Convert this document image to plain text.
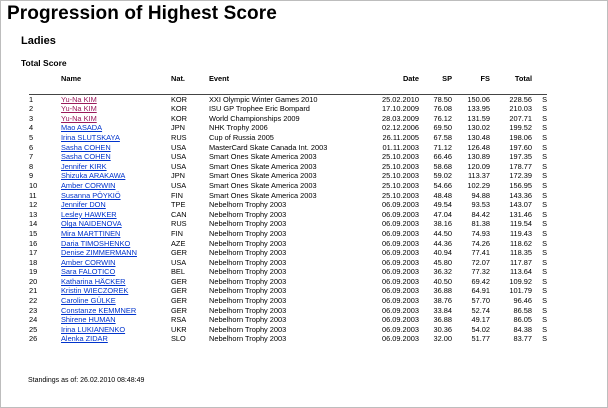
Progression of Highest Score
Ladies
Total Score
	Name	Nat.	Event	Date	SP	FS	Total	

1	Yu-Na KIM	KOR	XXI Olympic Winter Games 2010	25.02.2010	78.50	150.06	228.56	S
2	Yu-Na KIM	KOR	ISU GP Trophee Eric Bompard	17.10.2009	76.08	133.95	210.03	S
3	Yu-Na KIM	KOR	World Championships 2009	28.03.2009	76.12	131.59	207.71	S
4	Mao ASADA	JPN	NHK Trophy 2006	02.12.2006	69.50	130.02	199.52	S
5	Irina SLUTSKAYA	RUS	Cup of Russia 2005	26.11.2005	67.58	130.48	198.06	S
6	Sasha COHEN	USA	MasterCard Skate Canada Int. 2003	01.11.2003	71.12	126.48	197.60	S
7	Sasha COHEN	USA	Smart Ones Skate America 2003	25.10.2003	66.46	130.89	197.35	S
8	Jennifer KIRK	USA	Smart Ones Skate America 2003	25.10.2003	58.68	120.09	178.77	S
9	Shizuka ARAKAWA	JPN	Smart Ones Skate America 2003	25.10.2003	59.02	113.37	172.39	S
10	Amber CORWIN	USA	Smart Ones Skate America 2003	25.10.2003	54.66	102.29	156.95	S
11	Susanna PÖYKIÖ	FIN	Smart Ones Skate America 2003	25.10.2003	48.48	94.88	143.36	S
12	Jennifer DON	TPE	Nebelhorn Trophy 2003	06.09.2003	49.54	93.53	143.07	S
13	Lesley HAWKER	CAN	Nebelhorn Trophy 2003	06.09.2003	47.04	84.42	131.46	S
14	Olga NAIDENOVA	RUS	Nebelhorn Trophy 2003	06.09.2003	38.16	81.38	119.54	S
15	Mira MARTTINEN	FIN	Nebelhorn Trophy 2003	06.09.2003	44.50	74.93	119.43	S
16	Daria TIMOSHENKO	AZE	Nebelhorn Trophy 2003	06.09.2003	44.36	74.26	118.62	S
17	Denise ZIMMERMANN	GER	Nebelhorn Trophy 2003	06.09.2003	40.94	77.41	118.35	S
18	Amber CORWIN	USA	Nebelhorn Trophy 2003	06.09.2003	45.80	72.07	117.87	S
19	Sara FALOTICO	BEL	Nebelhorn Trophy 2003	06.09.2003	36.32	77.32	113.64	S
20	Katharina HÄCKER	GER	Nebelhorn Trophy 2003	06.09.2003	40.50	69.42	109.92	S
21	Kristin WIECZOREK	GER	Nebelhorn Trophy 2003	06.09.2003	36.88	64.91	101.79	S
22	Caroline GÜLKE	GER	Nebelhorn Trophy 2003	06.09.2003	38.76	57.70	96.46	S
23	Constanze KEMMNER	GER	Nebelhorn Trophy 2003	06.09.2003	33.84	52.74	86.58	S
24	Shirene HUMAN	RSA	Nebelhorn Trophy 2003	06.09.2003	36.88	49.17	86.05	S
25	Irina LUKIANENKO	UKR	Nebelhorn Trophy 2003	06.09.2003	30.36	54.02	84.38	S
26	Alenka ZIDAR	SLO	Nebelhorn Trophy 2003	06.09.2003	32.00	51.77	83.77	S

Standings as of: 26.02.2010 08:48:49
